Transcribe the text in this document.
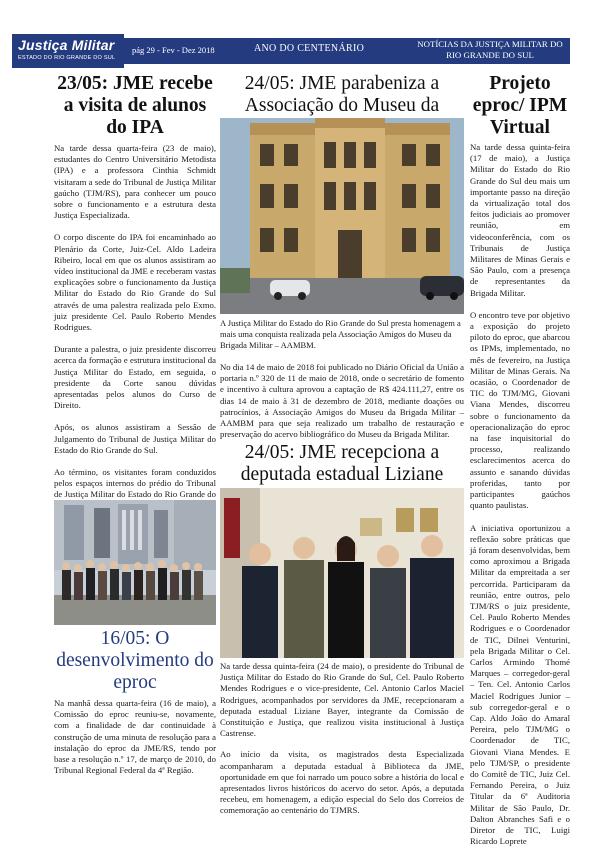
Justiça Militar
ESTADO DO RIO GRANDE DO SUL
pág 29 - Fev - Dez 2018	ANO DO CENTENÁRIO	NOTÍCIAS DA JUSTIÇA MILITAR DO RIO GRANDE DO SUL
23/05: JME recebe a visita de alunos do IPA

Na tarde dessa quarta-feira (23 de maio), estudantes do Centro Universitário Metodista (IPA) e a professora Cinthia Schmidt visitaram a sede do Tribunal de Justiça Militar gaúcho (TJM/RS), para conhecer um pouco sobre o funcionamento e a estrutura desta Justiça Especializada.

O corpo discente do IPA foi encaminhado ao Plenário da Corte, Juiz-Cel. Aldo Ladeira Ribeiro, local em que os alunos assistiram ao vídeo institucional da JME e receberam vastas explicações sobre o funcionamento da Justiça Militar do Estado do Rio Grande do Sul através de uma palestra realizada pelo Exmo. juiz presidente Cel. Paulo Roberto Mendes Rodrigues.

Durante a palestra, o juiz presidente discorreu acerca da formação e estrutura institucional da Justiça Militar do Estado, em seguida, o presidente da Corte sanou dúvidas apresentadas pelos alunos do Curso de Direito.

Após, os alunos assistiram a Sessão de Julgamento do Tribunal de Justiça Militar do Estado do Rio Grande do Sul.

Ao término, os visitantes foram conduzidos pelos espaços internos do prédio do Tribunal de Justiça Militar do Estado do Rio Grande do

16/05: O desenvolvimento do eproc

Na manhã dessa quarta-feira (16 de maio), a Comissão do eproc reuniu-se, novamente, com a finalidade de dar continuidade à construção de uma minuta de resolução para a instalação do eproc da JME/RS, tendo por base a resolução n.º 17, de março de 2010, do Tribunal Regional Federal da 4ª Região.

24/05: JME parabeniza a Associação do Museu da
A Justiça Militar do Estado do Rio Grande do Sul presta homenagem a mais uma conquista realizada pela Associação Amigos do Museu da Brigada Militar – AAMBM.

No dia 14 de maio de 2018 foi publicado no Diário Oficial da União a portaria n.º 320 de 11 de maio de 2018, onde o secretário de fomento e incentivo à cultura aprovou a captação de R$ 424.111,27, entre os dias 14 de maio à 31 de dezembro de 2018, mediante doações ou patrocínios, à Associação Amigos do Museu da Brigada Militar – AAMBM para que seja realizado um trabalho de restauração e preservação do acervo bibliográfico do Museu da Brigada Militar.

24/05: JME recepciona a deputada estadual Liziane

Na tarde dessa quinta-feira (24 de maio), o presidente do Tribunal de Justiça Militar do Estado do Rio Grande do Sul, Cel. Paulo Roberto Mendes Rodrigues e o vice-presidente, Cel. Antonio Carlos Maciel Rodrigues, acompanhados por servidores da JME, recepcionaram a deputada estadual Liziane Bayer, integrante da Comissão de Constituição e Justiça, que realizou visita institucional à Justiça Castrense.

Ao início da visita, os magistrados desta Especializada acompanharam a deputada estadual à Biblioteca da JME, oportunidade em que foi narrado um pouco sobre a história do local e apresentados livros históricos do acervo do setor. Após, a deputada recebeu, em homenagem, a edição especial do Selo dos Correios de comemoração ao centenário do TJMRS.

Projeto eproc/ IPM Virtual

Na tarde dessa quinta-feira (17 de maio), a Justiça Militar do Estado do Rio Grande do Sul deu mais um importante passo na direção da virtualização total dos feitos judiciais ao promover reunião, em videoconferência, com os Tribunais de Justiça Militares de Minas Gerais e São Paulo, com a presença de representantes da Brigada Militar.

O encontro teve por objetivo a exposição do projeto piloto do eproc, que abarcou os IPMs, implementado, no mês de fevereiro, na Justiça Militar de Minas Gerais. Na ocasião, o Coordenador de TIC do TJM/MG, Giovani Viana Mendes, discorreu sobre o funcionamento da operacionalização do eproc na fase inquisitorial do processo, realizando esclarecimentos acerca do assunto e sanando dúvidas proferidas, tanto por participantes gaúchos quanto paulistas.

A iniciativa oportunizou a reflexão sobre práticas que já foram desenvolvidas, bem como aproximou a Brigada Militar da empreitada a ser percorrida. Participaram da reunião, entre outros, pelo TJM/RS o juiz presidente, Cel. Paulo Roberto Mendes Rodrigues e o Coordenador de TIC, Dilnei Venturini, pela Brigada Militar o Cel. Carlos Armindo Thomé Marques – corregedor-geral – Ten. Cel. Antonio Carlos Maciel Rodrigues Junior – sub corregedor-geral e o Cap. Aldo João do Amaral Pereira, pelo TJM/MG o Coordenador de TIC, Giovani Viana Mendes. E pelo TJM/SP, o presidente do Comitê de TIC, Juiz Cel. Fernando Pereira, o Juiz Titular da 6ª Auditoria Militar de São Paulo, Dr. Dalton Abranches Safi e o Diretor de TIC, Luigi Ricardo Loprete
